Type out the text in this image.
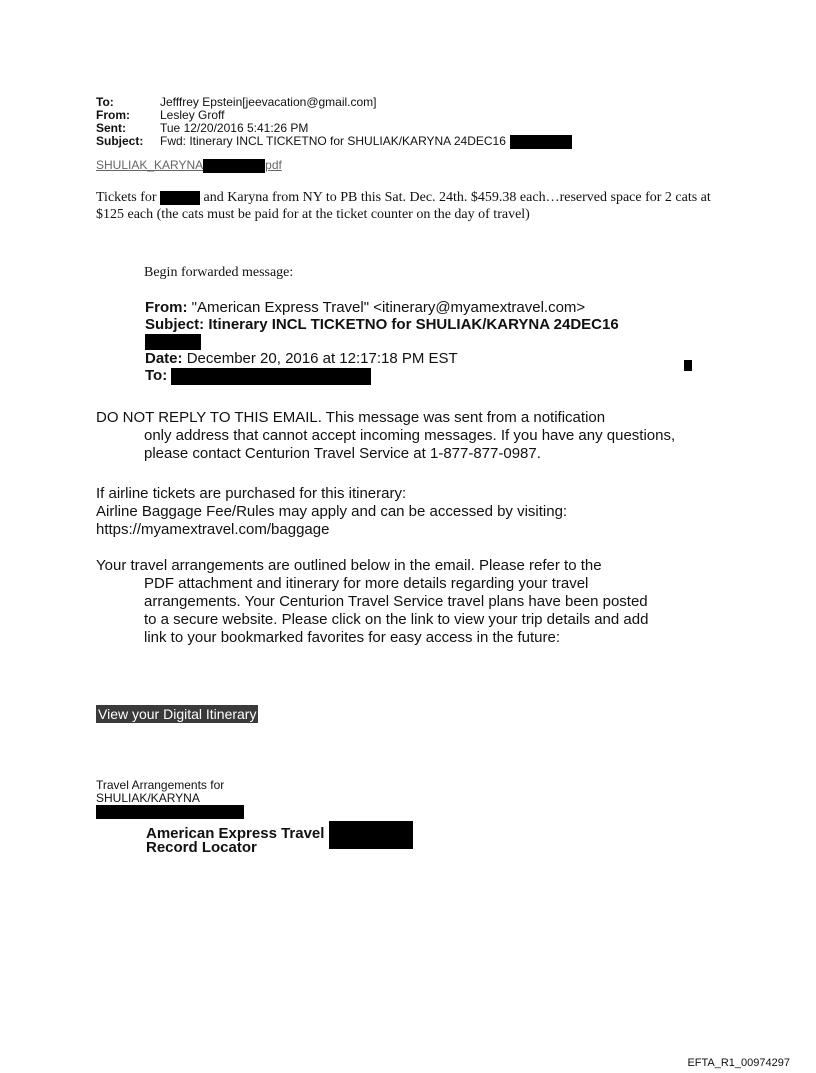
To:	Jefffrey Epstein[jeevacation@gmail.com]
From:	Lesley Groff
Sent:	Tue 12/20/2016 5:41:26 PM
Subject:	Fwd: Itinerary INCL TICKETNO for SHULIAK/KARYNA 24DEC16
SHULIAK_KARYNA	pdf
Tickets for	and Karyna from NY to PB this Sat. Dec. 24th. $459.38 each…reserved space for 2 cats at $125 each (the cats must be paid for at the ticket counter on the day of travel)
Begin forwarded message:
From: "American Express Travel" <itinerary@myamextravel.com>
Subject: Itinerary INCL TICKETNO for SHULIAK/KARYNA 24DEC16
Date: December 20, 2016 at 12:17:18 PM EST
To:
DO NOT REPLY TO THIS EMAIL. This message was sent from a notification
only address that cannot accept incoming messages. If you have any questions, please contact Centurion Travel Service at 1-877-877-0987.
If airline tickets are purchased for this itinerary:
Airline Baggage Fee/Rules may apply and can be accessed by visiting:
https://myamextravel.com/baggage
Your travel arrangements are outlined below in the email. Please refer to the
PDF attachment and itinerary for more details regarding your travel arrangements. Your Centurion Travel Service travel plans have been posted to a secure website. Please click on the link to view your trip details and add link to your bookmarked favorites for easy access in the future:
View your Digital Itinerary
Travel Arrangements for
SHULIAK/KARYNA
American Express Travel
Record Locator
EFTA_R1_00974297
